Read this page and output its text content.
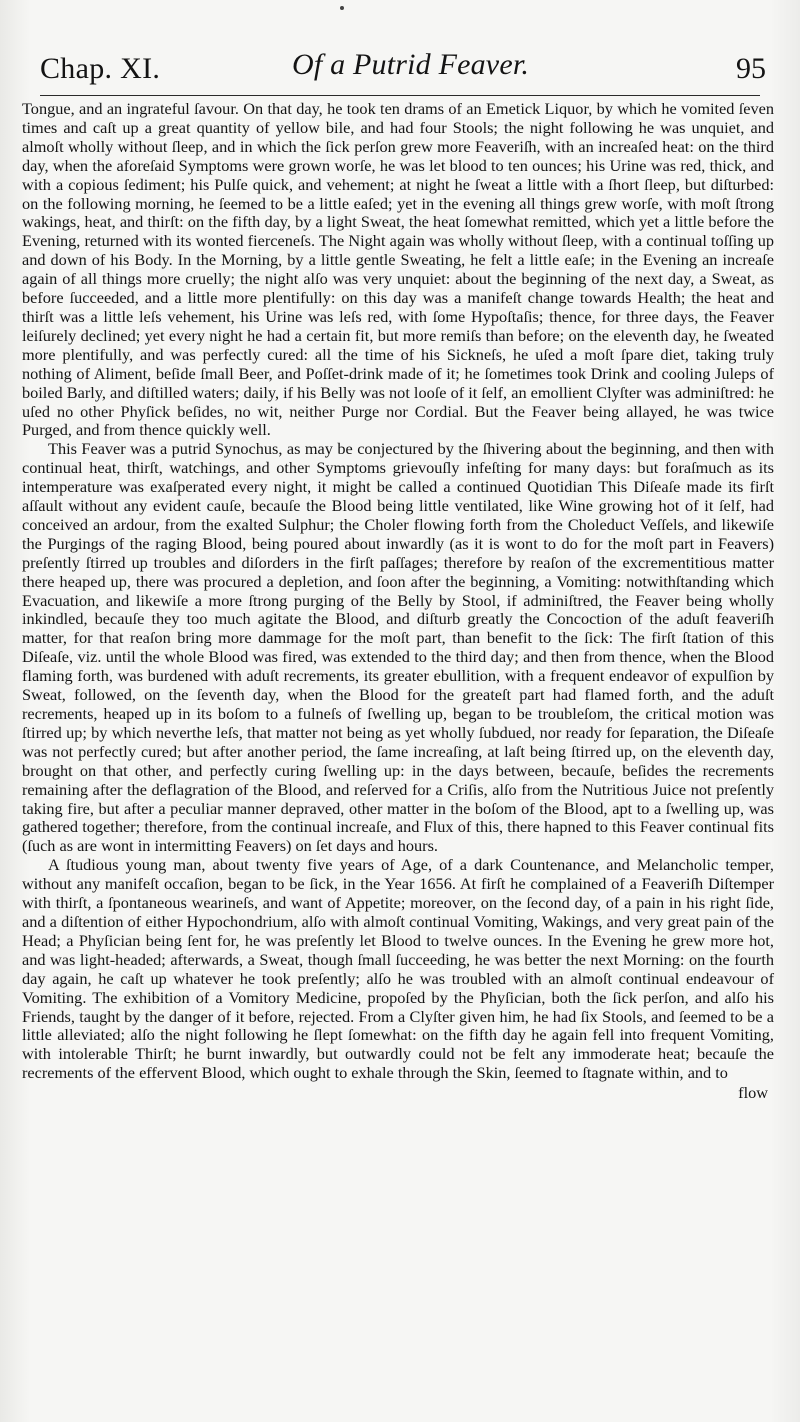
Chap. XI.	Of a Putrid Feaver.	95

Tongue, and an ingrateful ſavour. On that day, he took ten drams of an Emetick Liquor, by which he vomited ſeven times and caſt up a great quantity of yellow bile, and had four Stools; the night following he was unquiet, and almoſt wholly without ſleep, and in which the ſick perſon grew more Feaveriſh, with an increaſed heat: on the third day, when the aforeſaid Symptoms were grown worſe, he was let blood to ten ounces; his Urine was red, thick, and with a copious ſediment; his Pulſe quick, and vehement; at night he ſweat a little with a ſhort ſleep, but diſturbed: on the following morning, he ſeemed to be a little eaſed; yet in the evening all things grew worſe, with moſt ſtrong wakings, heat, and thirſt: on the fifth day, by a light Sweat, the heat ſomewhat remitted, which yet a little before the Evening, returned with its wonted fierceneſs. The Night again was wholly without ſleep, with a continual toſſing up and down of his Body. In the Morning, by a little gentle Sweating, he felt a little eaſe; in the Evening an increaſe again of all things more cruelly; the night alſo was very unquiet: about the beginning of the next day, a Sweat, as before ſucceeded, and a little more plentifully: on this day was a manifeſt change towards Health; the heat and thirſt was a little leſs vehement, his Urine was leſs red, with ſome Hypoſtaſis; thence, for three days, the Feaver leiſurely declined; yet every night he had a certain fit, but more remiſs than before; on the eleventh day, he ſweated more plentifully, and was perfectly cured: all the time of his Sickneſs, he uſed a moſt ſpare diet, taking truly nothing of Aliment, beſide ſmall Beer, and Poſſet-drink made of it; he ſometimes took Drink and cooling Juleps of boiled Barly, and diſtilled waters; daily, if his Belly was not looſe of it ſelf, an emollient Clyſter was adminiſtred: he uſed no other Phyſick beſides, no wit, neither Purge nor Cordial. But the Feaver being allayed, he was twice Purged, and from thence quickly well.

This Feaver was a putrid Synochus, as may be conjectured by the ſhivering about the beginning, and then with continual heat, thirſt, watchings, and other Symptoms grievouſly infeſting for many days: but foraſmuch as its intemperature was exaſperated every night, it might be called a continued Quotidian This Diſeaſe made its firſt aſſault without any evident cauſe, becauſe the Blood being little ventilated, like Wine growing hot of it ſelf, had conceived an ardour, from the exalted Sulphur; the Choler flowing forth from the Choleduct Veſſels, and likewiſe the Purgings of the raging Blood, being poured about inwardly (as it is wont to do for the moſt part in Feavers) preſently ſtirred up troubles and diſorders in the firſt paſſages; therefore by reaſon of the excrementitious matter there heaped up, there was procured a depletion, and ſoon after the beginning, a Vomiting: notwithſtanding which Evacuation, and likewiſe a more ſtrong purging of the Belly by Stool, if adminiſtred, the Feaver being wholly inkindled, becauſe they too much agitate the Blood, and diſturb greatly the Concoction of the aduſt feaveriſh matter, for that reaſon bring more dammage for the moſt part, than benefit to the ſick: The firſt ſtation of this Diſeaſe, viz. until the whole Blood was fired, was extended to the third day; and then from thence, when the Blood flaming forth, was burdened with aduſt recrements, its greater ebullition, with a frequent endeavor of expulſion by Sweat, followed, on the ſeventh day, when the Blood for the greateſt part had flamed forth, and the aduſt recrements, heaped up in its boſom to a fulneſs of ſwelling up, began to be troubleſom, the critical motion was ſtirred up; by which neverthe leſs, that matter not being as yet wholly ſubdued, nor ready for ſeparation, the Diſeaſe was not perfectly cured; but after another period, the ſame increaſing, at laſt being ſtirred up, on the eleventh day, brought on that other, and perfectly curing ſwelling up: in the days between, becauſe, beſides the recrements remaining after the deflagration of the Blood, and reſerved for a Criſis, alſo from the Nutritious Juice not preſently taking fire, but after a peculiar manner depraved, other matter in the boſom of the Blood, apt to a ſwelling up, was gathered together; therefore, from the continual increaſe, and Flux of this, there hapned to this Feaver continual fits (ſuch as are wont in intermitting Feavers) on ſet days and hours.

A ſtudious young man, about twenty five years of Age, of a dark Countenance, and Melancholic temper, without any manifeſt occaſion, began to be ſick, in the Year 1656. At firſt he complained of a Feaveriſh Diſtemper with thirſt, a ſpontaneous wearineſs, and want of Appetite; moreover, on the ſecond day, of a pain in his right ſide, and a diſtention of either Hypochondrium, alſo with almoſt continual Vomiting, Wakings, and very great pain of the Head; a Phyſician being ſent for, he was preſently let Blood to twelve ounces. In the Evening he grew more hot, and was light-headed; afterwards, a Sweat, though ſmall ſucceeding, he was better the next Morning: on the fourth day again, he caſt up whatever he took preſently; alſo he was troubled with an almoſt continual endeavour of Vomiting. The exhibition of a Vomitory Medicine, propoſed by the Phyſician, both the ſick perſon, and alſo his Friends, taught by the danger of it before, rejected. From a Clyſter given him, he had ſix Stools, and ſeemed to be a little alleviated; alſo the night following he ſlept ſomewhat: on the fifth day he again fell into frequent Vomiting, with intolerable Thirſt; he burnt inwardly, but outwardly could not be felt any immoderate heat; becauſe the recrements of the effervent Blood, which ought to exhale through the Skin, ſeemed to ſtagnate within, and to

flow
